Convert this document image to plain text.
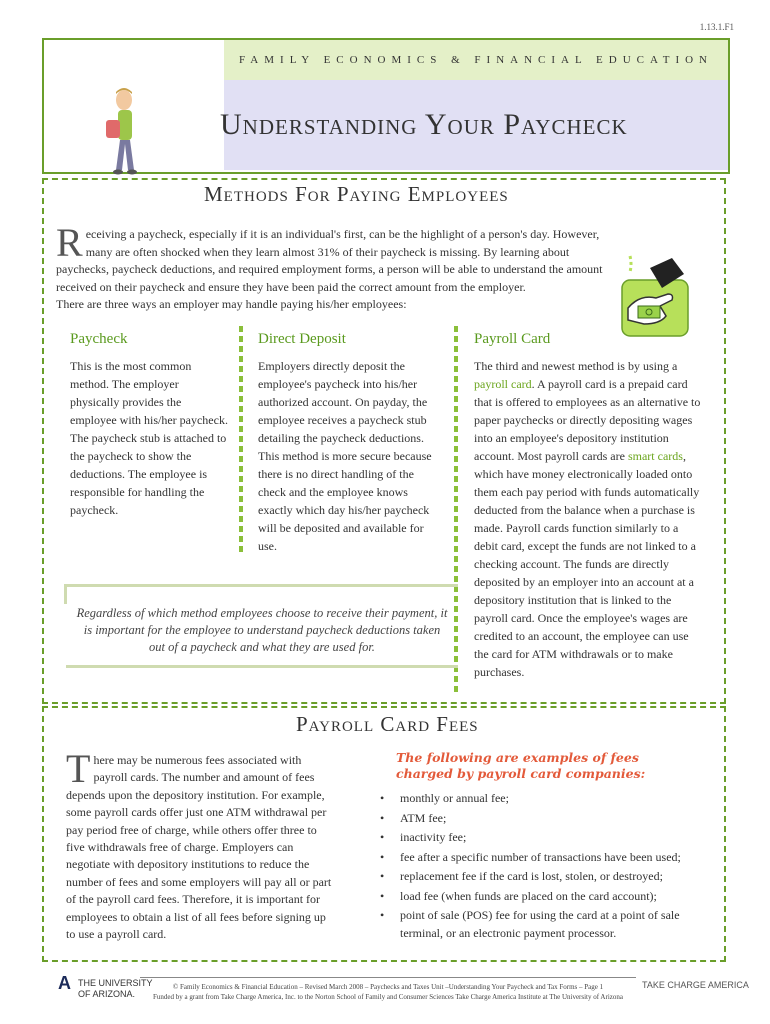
1.13.1.F1
FAMILY ECONOMICS & FINANCIAL EDUCATION
Understanding Your Paycheck
Methods For Paying Employees
R eceiving a paycheck, especially if it is an individual's first, can be the highlight of a person's day. However, many are often shocked when they learn almost 31% of their paycheck is missing. By learning about paychecks, paycheck deductions, and required employment forms, a person will be able to understand the amount received on their paycheck and ensure they have been paid the correct amount from the employer.
There are three ways an employer may handle paying his/her employees:
Paycheck
This is the most common method. The employer physically provides the employee with his/her paycheck. The paycheck stub is attached to the paycheck to show the deductions. The employee is responsible for handling the paycheck.
Direct Deposit
Employers directly deposit the employee's paycheck into his/her authorized account. On payday, the employee receives a paycheck stub detailing the paycheck deductions. This method is more secure because there is no direct handling of the check and the employee knows exactly which day his/her paycheck will be deposited and available for use.
Payroll Card
The third and newest method is by using a payroll card. A payroll card is a prepaid card that is offered to employees as an alternative to paper paychecks or directly depositing wages into an employee's depository institution account. Most payroll cards are smart cards, which have money electronically loaded onto them each pay period with funds automatically deducted from the balance when a purchase is made. Payroll cards function similarly to a debit card, except the funds are not linked to a checking account. The funds are directly deposited by an employer into an account at a depository institution that is linked to the payroll card. Once the employee's wages are credited to an account, the employee can use the card for ATM withdrawals or to make purchases.

Regardless of which method employees choose to receive their payment, it is important for the employee to understand paycheck deductions taken out of a paycheck and what they are used for.

Payroll Card Fees
There may be numerous fees associated with payroll cards. The number and amount of fees depends upon the depository institution. For example, some payroll cards offer just one ATM withdrawal per pay period free of charge, while others offer three to five withdrawals free of charge. Employers can negotiate with depository institutions to reduce the number of fees and some employers will pay all or part of the payroll card fees. Therefore, it is important for employees to obtain a list of all fees before signing up to use a payroll card.
The following are examples of fees charged by payroll card companies:
• monthly or annual fee;
• ATM fee;
• inactivity fee;
• fee after a specific number of transactions have been used;
• replacement fee if the card is lost, stolen, or destroyed;
• load fee (when funds are placed on the card account);
• point of sale (POS) fee for using the card at a point of sale terminal, or an electronic payment processor.
A THE UNIVERSITY
OF ARIZONA.
© Family Economics & Financial Education – Revised March 2008 – Paychecks and Taxes Unit –Understanding Your Paycheck and Tax Forms – Page 1
Funded by a grant from Take Charge America, Inc. to the Norton School of Family and Consumer Sciences Take Charge America Institute at The University of Arizona
TAKE CHARGE AMERICA
